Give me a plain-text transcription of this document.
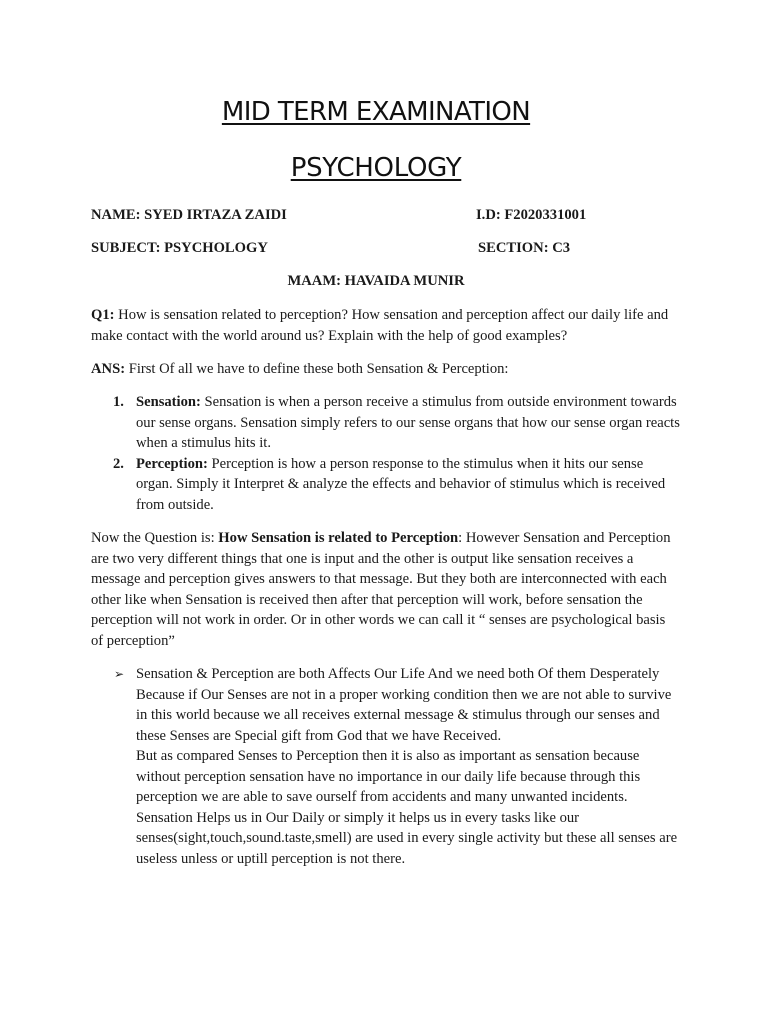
MID TERM EXAMINATION
PSYCHOLOGY
NAME: SYED IRTAZA ZAIDI	I.D: F2020331001
SUBJECT: PSYCHOLOGY	SECTION: C3
MAAM: HAVAIDA MUNIR
Q1: How is sensation related to perception? How sensation and perception affect our daily life and make contact with the world around us? Explain with the help of good examples?
ANS: First Of all we have to define these both Sensation & Perception:
1. Sensation: Sensation is when a person receive a stimulus from outside environment towards our sense organs. Sensation simply refers to our sense organs that how our sense organ reacts when a stimulus hits it.
2. Perception: Perception is how a person response to the stimulus when it hits our sense organ. Simply it Interpret & analyze the effects and behavior of stimulus which is received from outside.
Now the Question is: How Sensation is related to Perception: However Sensation and Perception are two very different things that one is input and the other is output like sensation receives a message and perception gives answers to that message. But they both are interconnected with each other like when Sensation is received then after that perception will work, before sensation the perception will not work in order. Or in other words we can call it “ senses are psychological basis of perception”
➢ Sensation & Perception are both Affects Our Life And we need both Of them Desperately Because if Our Senses are not in a proper working condition then we are not able to survive in this world because we all receives external message & stimulus through our senses and these Senses are Special gift from God that we have Received.
But as compared Senses to Perception then it is also as important as sensation because without perception sensation have no importance in our daily life because through this perception we are able to save ourself from accidents and many unwanted incidents. Sensation Helps us in Our Daily or simply it helps us in every tasks like our senses(sight,touch,sound.taste,smell) are used in every single activity but these all senses are useless unless or uptill perception is not there.
